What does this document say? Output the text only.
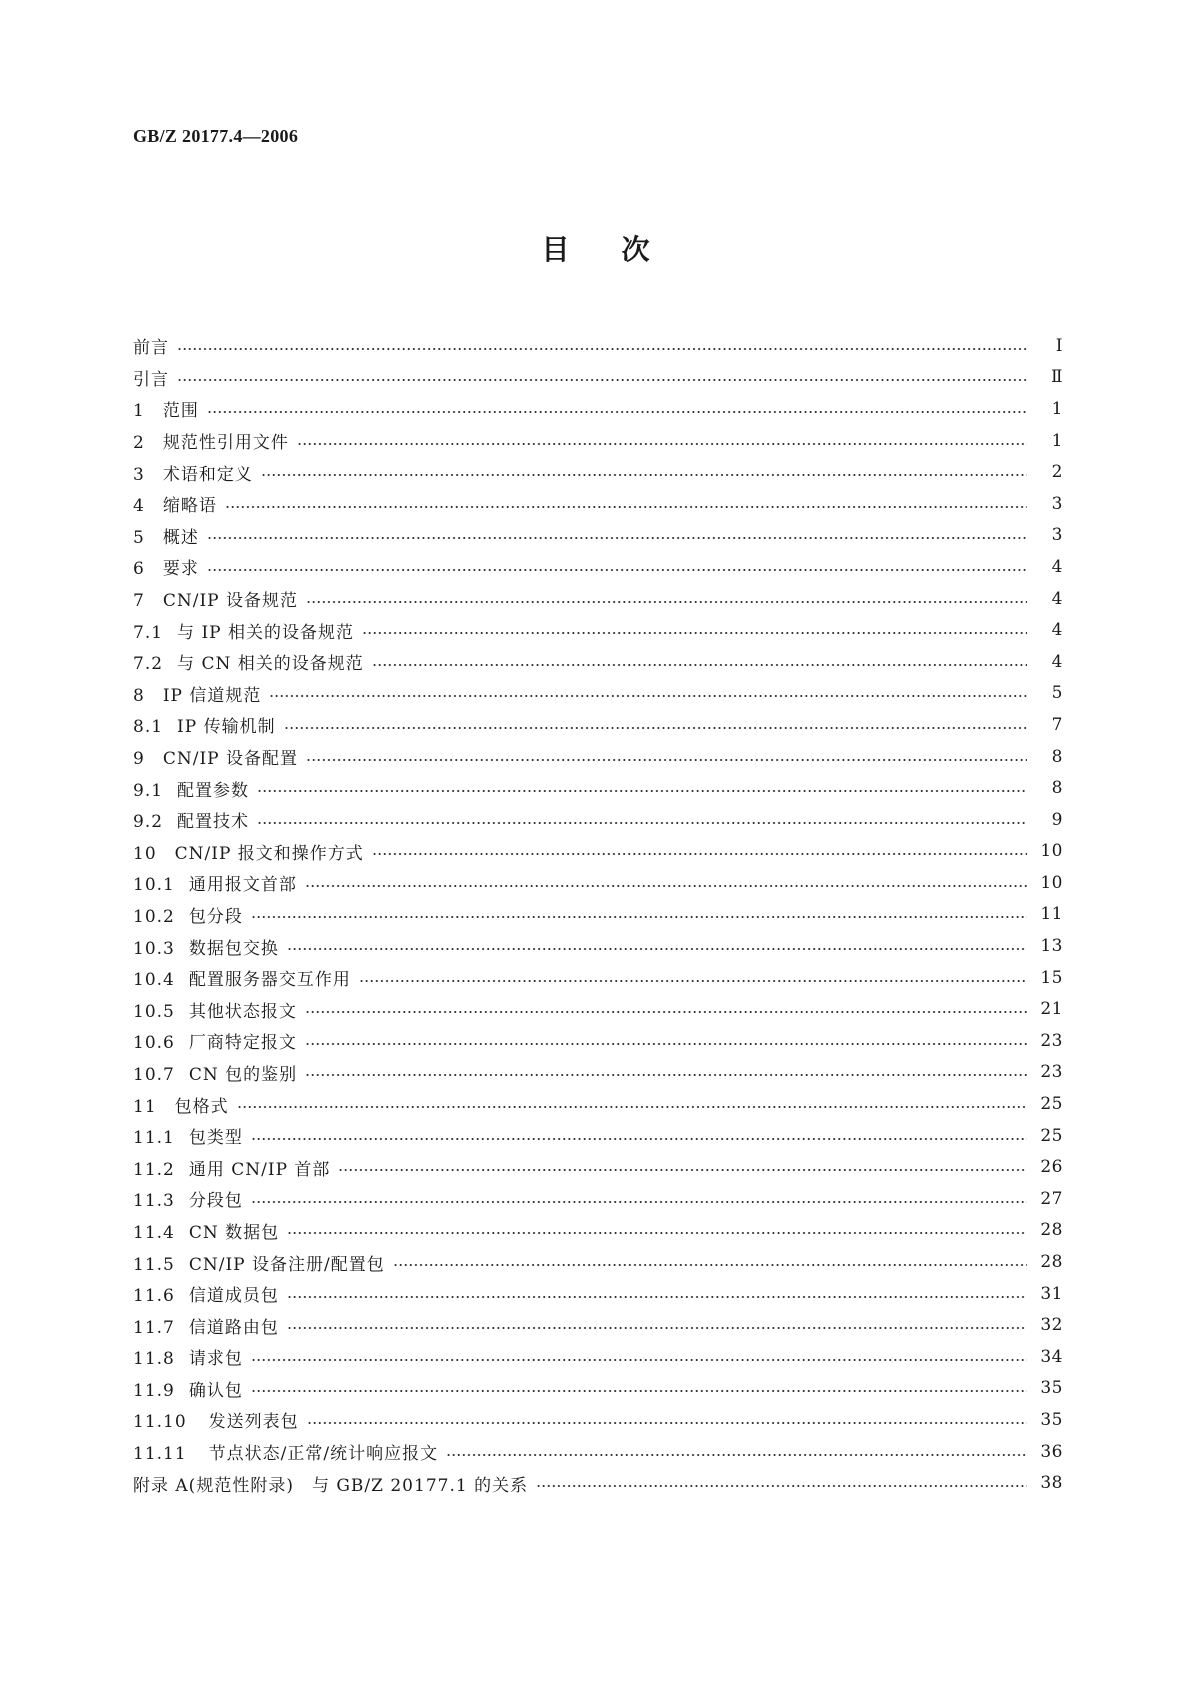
GB/Z 20177.4—2006
目次
前言	Ⅰ
引言	Ⅱ
1 范围	1
2 规范性引用文件	1
3 术语和定义	2
4 缩略语	3
5 概述	3
6 要求	4
7 CN/IP 设备规范	4
7.1 与 IP 相关的设备规范	4
7.2 与 CN 相关的设备规范	4
8 IP 信道规范	5
8.1 IP 传输机制	7
9 CN/IP 设备配置	8
9.1 配置参数	8
9.2 配置技术	9
10 CN/IP 报文和操作方式	10
10.1 通用报文首部	10
10.2 包分段	11
10.3 数据包交换	13
10.4 配置服务器交互作用	15
10.5 其他状态报文	21
10.6 厂商特定报文	23
10.7 CN 包的鉴别	23
11 包格式	25
11.1 包类型	25
11.2 通用 CN/IP 首部	26
11.3 分段包	27
11.4 CN 数据包	28
11.5 CN/IP 设备注册/配置包	28
11.6 信道成员包	31
11.7 信道路由包	32
11.8 请求包	34
11.9 确认包	35
11.10 发送列表包	35
11.11 节点状态/正常/统计响应报文	36
附录 A(规范性附录)　与 GB/Z 20177.1 的关系	38
